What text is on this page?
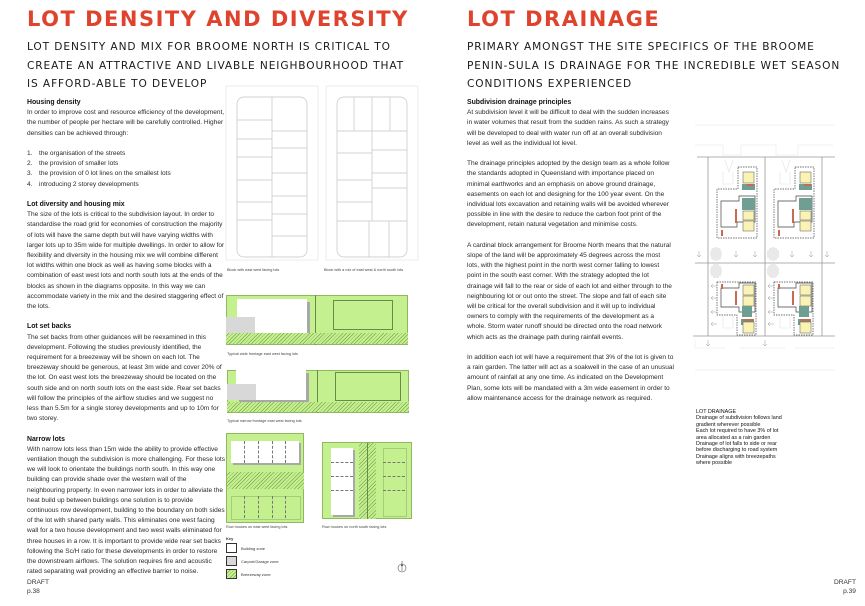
LOT DENSITY AND DIVERSITY
LOT DENSITY AND MIX FOR BROOME NORTH IS CRITICAL TO CREATE AN ATTRACTIVE AND LIVABLE NEIGHBOURHOOD THAT IS AFFORD-ABLE TO DEVELOP
Housing density

In order to improve cost and resource efficiency of the development, the number of people per hectare will be carefully controlled. Higher densities can be achieved through:

1. the organisation of the streets
2. the provision of smaller lots
3. the provision of 0 lot lines on the smallest lots
4. introducing 2 storey developments
Lot diversity and housing mix

The size of the lots is critical to the subdivision layout. In order to standardise the road grid for economies of construction the majority of lots will have the same depth but will have varying widths with larger lots up to 35m wide for multiple dwellings. In order to allow for flexibility and diversity in the housing mix we will combine different lot widths within one block as well as having some blocks with a combination of east west lots and north south lots at the ends of the blocks as shown in the diagrams opposite. In this way we can accommodate variety in the mix and the desired staggering effect of the lots.

Lot set backs

The set backs from other guidances will be reexamined in this development. Following the studies previously identified, the requirement for a breezeway will be shown on each lot. The breezeway should be generous, at least 3m wide and cover 20% of the lot. On east west lots the breezeway should be located on the south side and on north south lots on the east side. Rear set backs will follow the principles of the airflow studies and we suggest no less than 5.5m for a single storey developments and up to 10m for two storey.

Narrow lots

With narrow lots less than 15m wide the ability to provide effective ventilation though the subdivision is more challenging. For these lots we will look to orientate the buildings north south. In this way one building can provide shade over the western wall of the neighbouring property. In even narrower lots in order to alleviate the heat build up between buildings one solution is to provide continuous row development, building to the boundary on both sides of the lot with shared party walls. This eliminates one west facing wall for a two house development and two west walls eliminated for three houses in a row. It is important to provide wide rear set backs following the Sc/H ratio for these developments in order to restore the downstream airflows. The solution requires fire and acoustic rated separating wall providing an effective barrier to noise.

DRAFT
p.38
Block with east west facing lots	Block with a mix of east west & north south lots
Typical wide frontage east west facing lots
Typical narrow frontage east west facing lots
Row houses on east west facing lots	Row houses on north south facing lots
Key
Building zone
Carport/Garage zone
Breezeway zone
LOT DRAINAGE
PRIMARY AMONGST THE SITE SPECIFICS OF THE BROOME PENIN-SULA IS DRAINAGE FOR THE INCREDIBLE WET SEASON CONDITIONS EXPERIENCED
Subdivision drainage principles

At subdivision level it will be difficult to deal with the sudden increases in water volumes that result from the sudden rains. As such a strategy will be developed to deal with water run off at an overall subdivision level as well as the individual lot level.

The drainage principles adopted by the design team as a whole follow the standards adopted in Queensland with importance placed on minimal earthworks and an emphasis on above ground drainage, easements on each lot and designing for the 100 year event. On the individual lots excavation and retaining walls will be avoided wherever possible in line with the desire to reduce the carbon foot print of the development, retain natural vegetation and minimise costs.

A cardinal block arrangement for Broome North means that the natural slope of the land will be approximately 45 degrees across the most lots, with the highest point in the north west corner falling to lowest point in the south east corner. With the strategy adopted the lot drainage will fall to the rear or side of each lot and either through to the neighbouring lot or out onto the street. The slope and fall of each site will be critical for the overall subdivision and it will up to individual owners to comply with the requirements of the development as a whole. Storm water runoff should be directed onto the road network which acts as the drainage path during rainfall events.

In addition each lot will have a requirement that 3% of the lot is given to a rain garden. The latter will act as a soakwell in the case of an unusual amount of rainfall at any one time. As indicated on the Development Plan, some lots will be mandated with a 3m wide easement in order to allow maintenance access for the drainage network as required.

LOT DRAINAGE
Drainage of subdivision follows land
gradient wherever possible
Each lot required to have 3% of lot
area allocated as a rain garden
Drainage of lot falls to side or rear
before discharging to road system
Drainage aligns with breezepaths
where possible
DRAFT
p.39
